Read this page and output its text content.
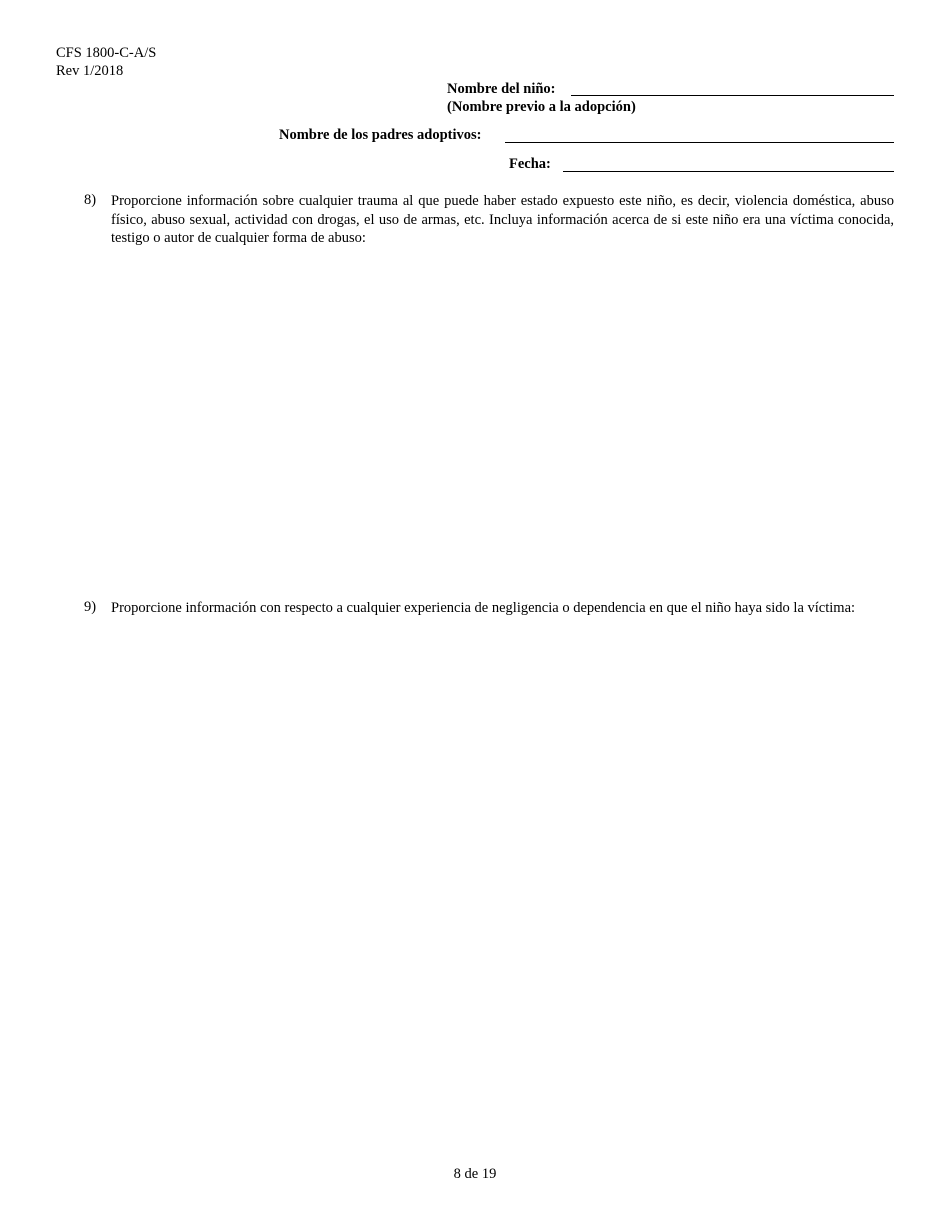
CFS 1800-C-A/S
Rev 1/2018
Nombre del niño:
(Nombre previo a la adopción)
Nombre de los padres adoptivos:
Fecha:
8) Proporcione información sobre cualquier trauma al que puede haber estado expuesto este niño, es decir, violencia doméstica, abuso físico, abuso sexual, actividad con drogas, el uso de armas, etc. Incluya información acerca de si este niño era una víctima conocida, testigo o autor de cualquier forma de abuso:
9) Proporcione información con respecto a cualquier experiencia de negligencia o dependencia en que el niño haya sido la víctima:
8 de 19
